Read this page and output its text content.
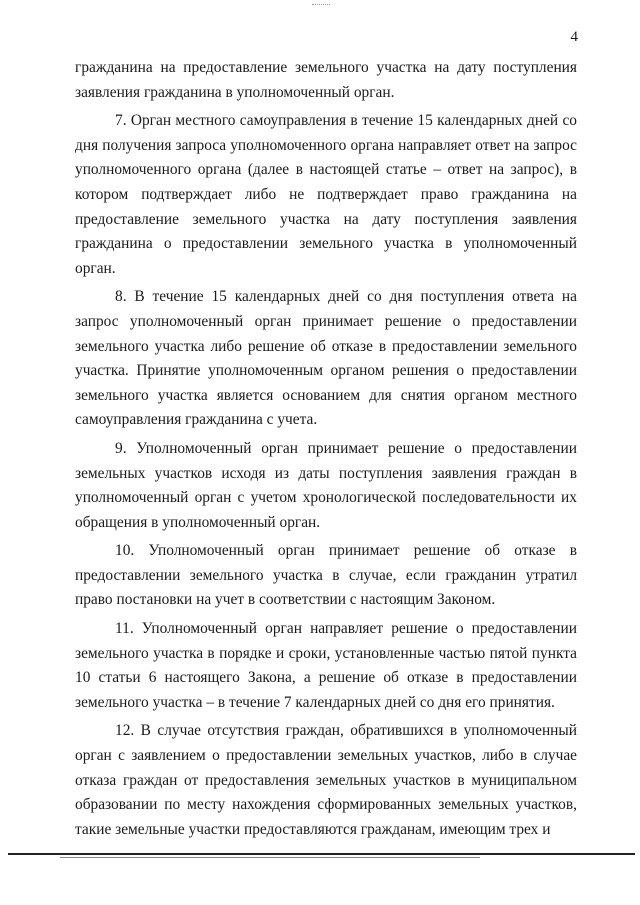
4

гражданина на предоставление земельного участка на дату поступления заявления гражданина в уполномоченный орган.

7. Орган местного самоуправления в течение 15 календарных дней со дня получения запроса уполномоченного органа направляет ответ на запрос уполномоченного органа (далее в настоящей статье – ответ на запрос), в котором подтверждает либо не подтверждает право гражданина на предоставление земельного участка на дату поступления заявления гражданина о предоставлении земельного участка в уполномоченный орган.

8. В течение 15 календарных дней со дня поступления ответа на запрос уполномоченный орган принимает решение о предоставлении земельного участка либо решение об отказе в предоставлении земельного участка. Принятие уполномоченным органом решения о предоставлении земельного участка является основанием для снятия органом местного самоуправления гражданина с учета.

9. Уполномоченный орган принимает решение о предоставлении земельных участков исходя из даты поступления заявления граждан в уполномоченный орган с учетом хронологической последовательности их обращения в уполномоченный орган.

10. Уполномоченный орган принимает решение об отказе в предоставлении земельного участка в случае, если гражданин утратил право постановки на учет в соответствии с настоящим Законом.

11. Уполномоченный орган направляет решение о предоставлении земельного участка в порядке и сроки, установленные частью пятой пункта 10 статьи 6 настоящего Закона, а решение об отказе в предоставлении земельного участка – в течение 7 календарных дней со дня его принятия.

12. В случае отсутствия граждан, обратившихся в уполномоченный орган с заявлением о предоставлении земельных участков, либо в случае отказа граждан от предоставления земельных участков в муниципальном образовании по месту нахождения сформированных земельных участков, такие земельные участки предоставляются гражданам, имеющим трех и
